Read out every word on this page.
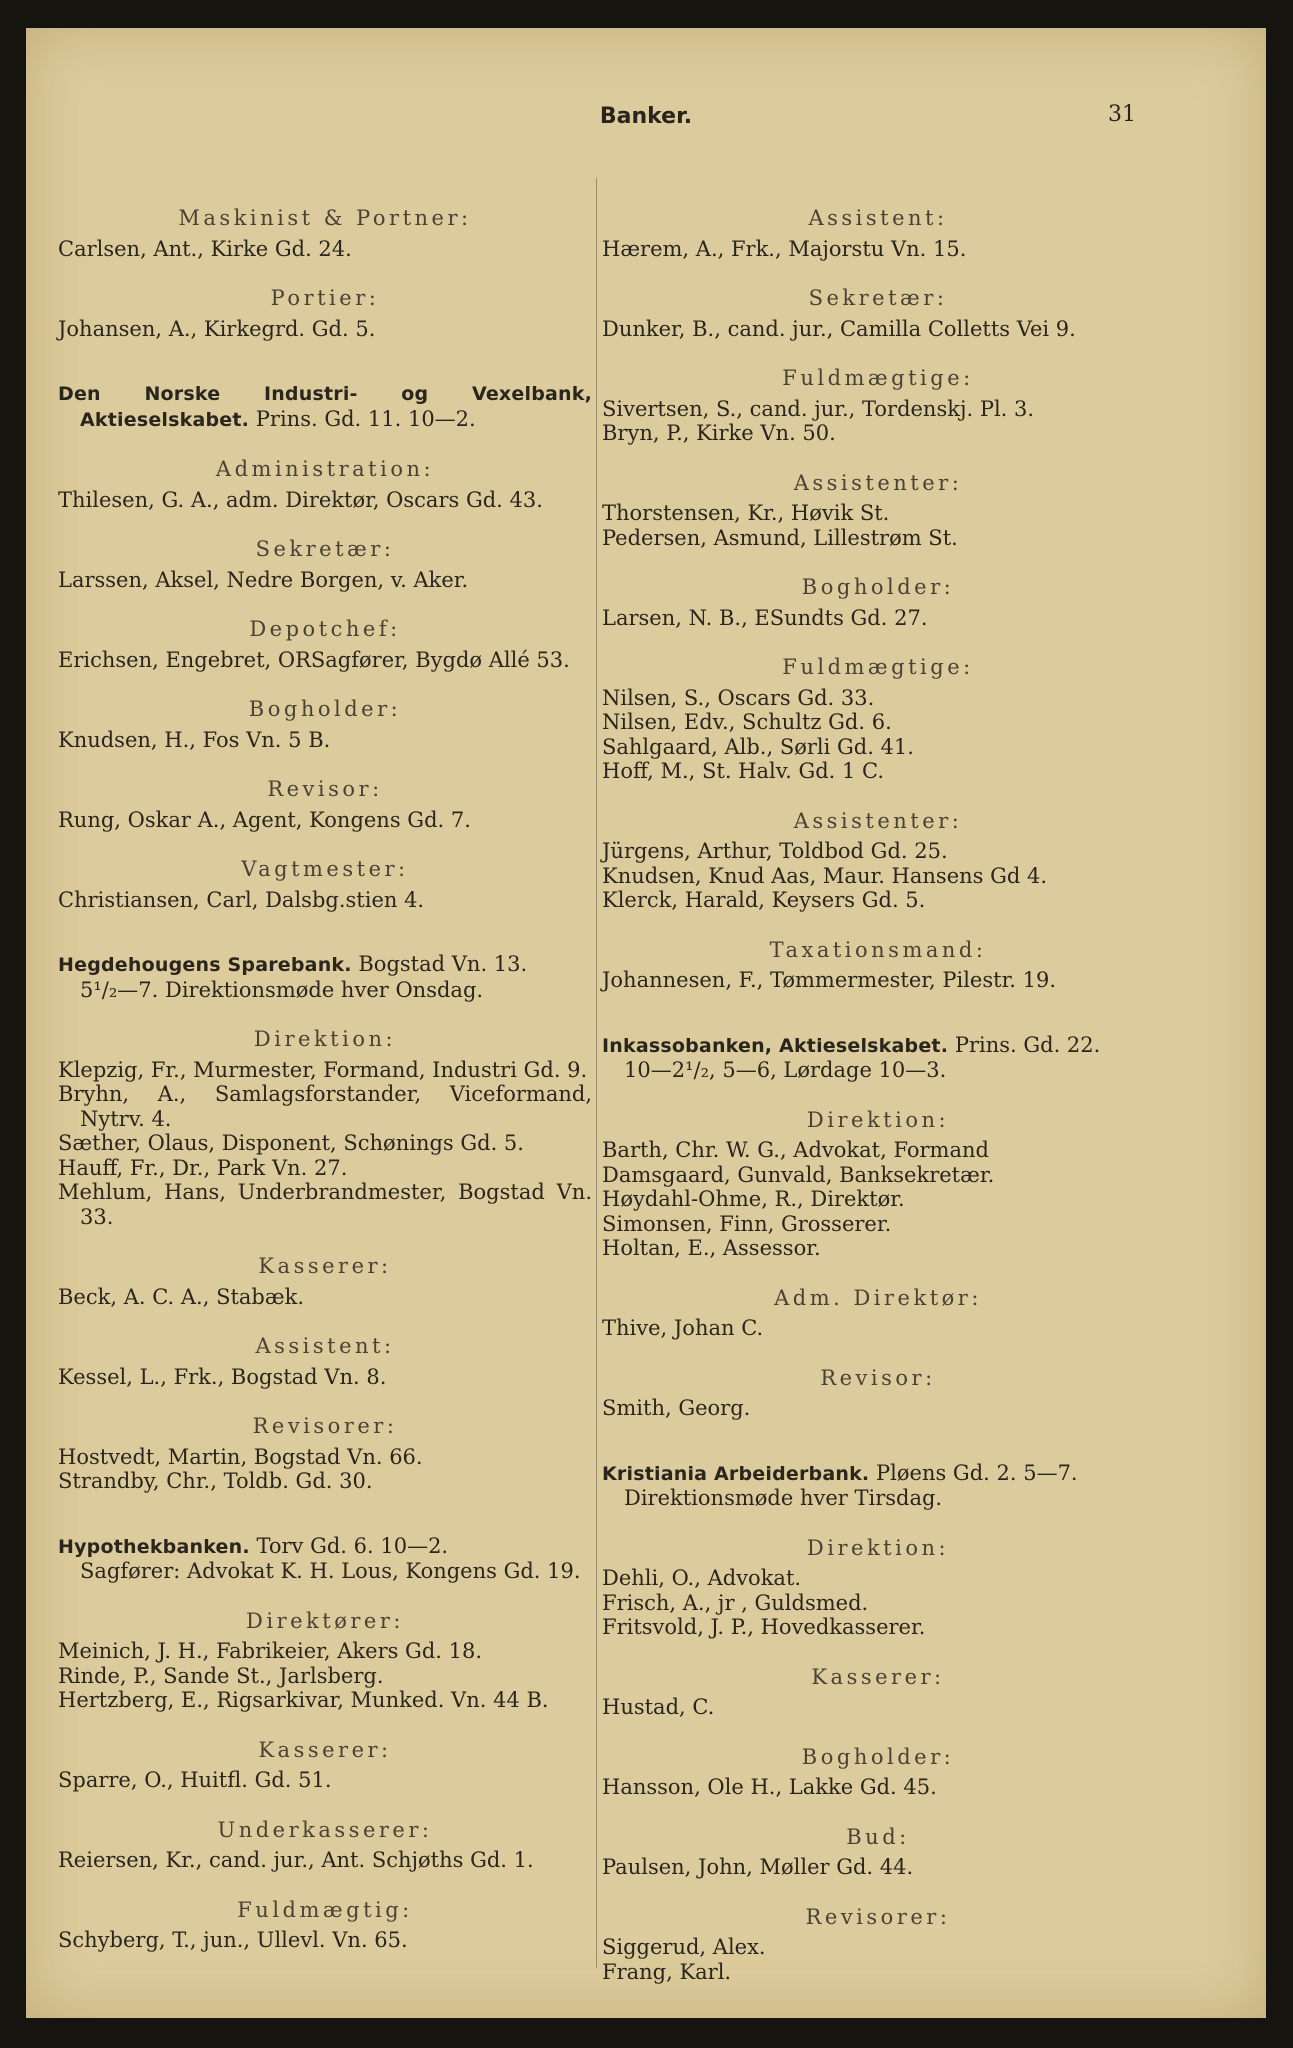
Banker.	31
Maskinist & Portner:
Carlsen, Ant., Kirke Gd. 24.
Portier:
Johansen, A., Kirkegrd. Gd. 5.
Den Norske Industri- og Vexelbank, Aktieselskabet. Prins. Gd. 11. 10—2.
Administration:
Thilesen, G. A., adm. Direktør, Oscars Gd. 43.
Sekretær:
Larssen, Aksel, Nedre Borgen, v. Aker.
Depotchef:
Erichsen, Engebret, ORSagfører, Bygdø Allé 53.
Bogholder:
Knudsen, H., Fos Vn. 5 B.
Revisor:
Rung, Oskar A., Agent, Kongens Gd. 7.
Vagtmester:
Christiansen, Carl, Dalsbg.stien 4.
Hegdehougens Sparebank. Bogstad Vn. 13.
5¹/₂—7. Direktionsmøde hver Onsdag.
Direktion:
Klepzig, Fr., Murmester, Formand, Industri Gd. 9.
Bryhn, A., Samlagsforstander, Viceformand, Nytrv. 4.
Sæther, Olaus, Disponent, Schønings Gd. 5.
Hauff, Fr., Dr., Park Vn. 27.
Mehlum, Hans, Underbrandmester, Bogstad Vn. 33.
Kasserer:
Beck, A. C. A., Stabæk.
Assistent:
Kessel, L., Frk., Bogstad Vn. 8.
Revisorer:
Hostvedt, Martin, Bogstad Vn. 66.
Strandby, Chr., Toldb. Gd. 30.
Hypothekbanken. Torv Gd. 6. 10—2.
Sagfører: Advokat K. H. Lous, Kongens Gd. 19.
Direktører:
Meinich, J. H., Fabrikeier, Akers Gd. 18.
Rinde, P., Sande St., Jarlsberg.
Hertzberg, E., Rigsarkivar, Munked. Vn. 44 B.
Kasserer:
Sparre, O., Huitfl. Gd. 51.
Underkasserer:
Reiersen, Kr., cand. jur., Ant. Schjøths Gd. 1.
Fuldmægtig:
Schyberg, T., jun., Ullevl. Vn. 65.
Assistent:
Hærem, A., Frk., Majorstu Vn. 15.
Sekretær:
Dunker, B., cand. jur., Camilla Colletts Vei 9.
Fuldmægtige:
Sivertsen, S., cand. jur., Tordenskj. Pl. 3.
Bryn, P., Kirke Vn. 50.
Assistenter:
Thorstensen, Kr., Høvik St.
Pedersen, Asmund, Lillestrøm St.
Bogholder:
Larsen, N. B., ESundts Gd. 27.
Fuldmægtige:
Nilsen, S., Oscars Gd. 33.
Nilsen, Edv., Schultz Gd. 6.
Sahlgaard, Alb., Sørli Gd. 41.
Hoff, M., St. Halv. Gd. 1 C.
Assistenter:
Jürgens, Arthur, Toldbod Gd. 25.
Knudsen, Knud Aas, Maur. Hansens Gd 4.
Klerck, Harald, Keysers Gd. 5.
Taxationsmand:
Johannesen, F., Tømmermester, Pilestr. 19.
Inkassobanken, Aktieselskabet. Prins. Gd. 22.
10—2¹/₂, 5—6, Lørdage 10—3.
Direktion:
Barth, Chr. W. G., Advokat, Formand
Damsgaard, Gunvald, Banksekretær.
Høydahl-Ohme, R., Direktør.
Simonsen, Finn, Grosserer.
Holtan, E., Assessor.
Adm. Direktør:
Thive, Johan C.
Revisor:
Smith, Georg.
Kristiania Arbeiderbank. Pløens Gd. 2. 5—7.
Direktionsmøde hver Tirsdag.
Direktion:
Dehli, O., Advokat.
Frisch, A., jr , Guldsmed.
Fritsvold, J. P., Hovedkasserer.
Kasserer:
Hustad, C.
Bogholder:
Hansson, Ole H., Lakke Gd. 45.
Bud:
Paulsen, John, Møller Gd. 44.
Revisorer:
Siggerud, Alex.
Frang, Karl.
